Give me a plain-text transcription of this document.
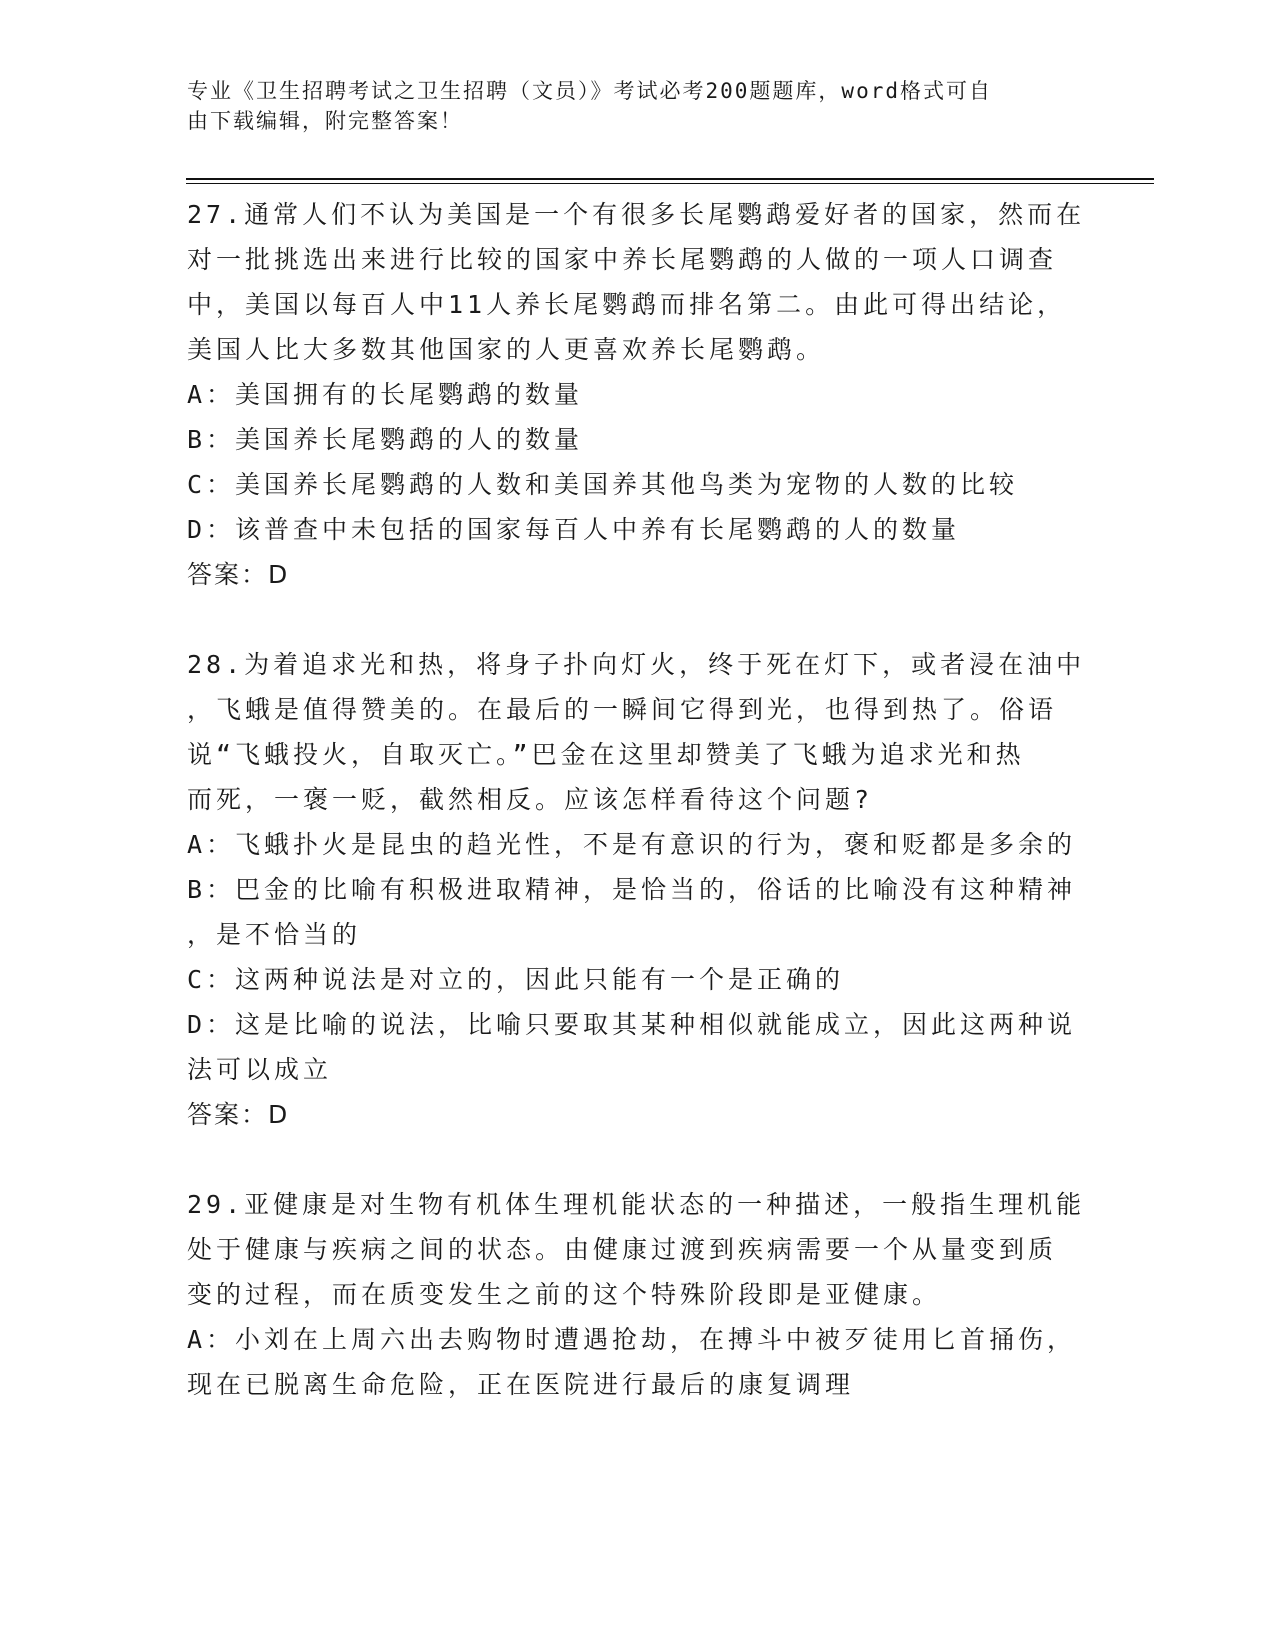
专业《卫生招聘考试之卫生招聘（文员）》考试必考200题题库，word格式可自
由下载编辑，附完整答案！
27.通常人们不认为美国是一个有很多长尾鹦鹉爱好者的国家，然而在
对一批挑选出来进行比较的国家中养长尾鹦鹉的人做的一项人口调查
中，美国以每百人中11人养长尾鹦鹉而排名第二。由此可得出结论，
美国人比大多数其他国家的人更喜欢养长尾鹦鹉。
A：美国拥有的长尾鹦鹉的数量
B：美国养长尾鹦鹉的人的数量
C：美国养长尾鹦鹉的人数和美国养其他鸟类为宠物的人数的比较
D：该普查中未包括的国家每百人中养有长尾鹦鹉的人的数量
答案：D
28.为着追求光和热，将身子扑向灯火，终于死在灯下，或者浸在油中
，飞蛾是值得赞美的。在最后的一瞬间它得到光，也得到热了。俗语
说“飞蛾投火，自取灭亡。”巴金在这里却赞美了飞蛾为追求光和热
而死，一褒一贬，截然相反。应该怎样看待这个问题?
A：飞蛾扑火是昆虫的趋光性，不是有意识的行为，褒和贬都是多余的
B：巴金的比喻有积极进取精神，是恰当的，俗话的比喻没有这种精神
，是不恰当的
C：这两种说法是对立的，因此只能有一个是正确的
D：这是比喻的说法，比喻只要取其某种相似就能成立，因此这两种说
法可以成立
答案：D
29.亚健康是对生物有机体生理机能状态的一种描述，一般指生理机能
处于健康与疾病之间的状态。由健康过渡到疾病需要一个从量变到质
变的过程，而在质变发生之前的这个特殊阶段即是亚健康。
A：小刘在上周六出去购物时遭遇抢劫，在搏斗中被歹徒用匕首捅伤，
现在已脱离生命危险，正在医院进行最后的康复调理
